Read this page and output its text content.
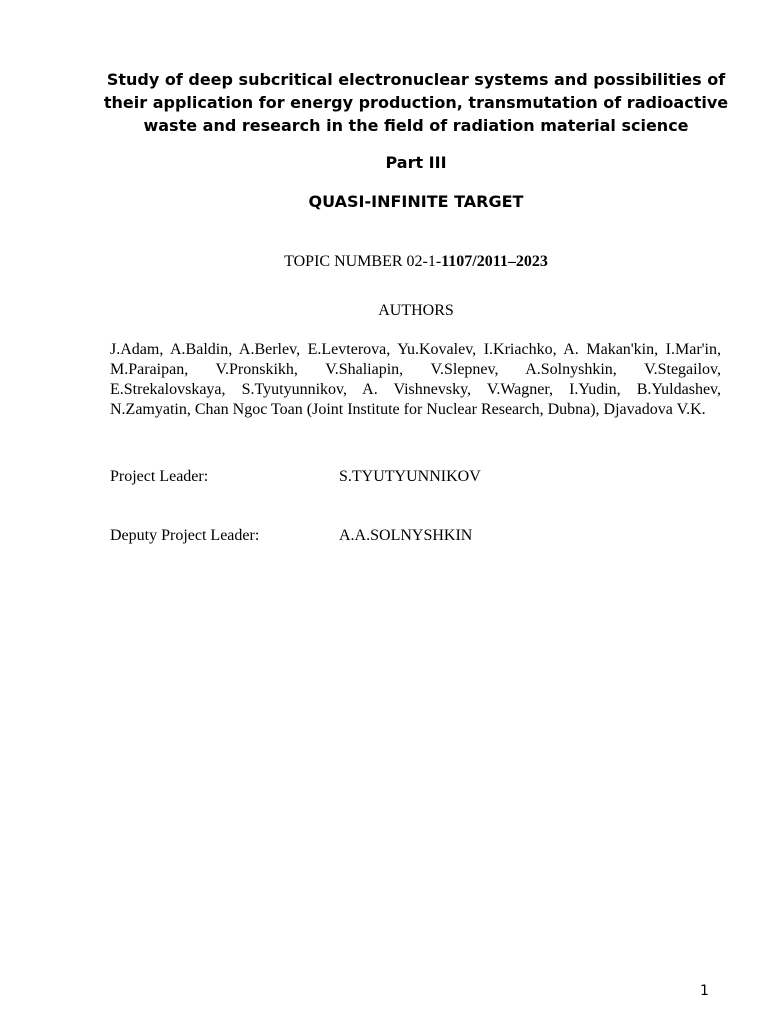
Study of deep subcritical electronuclear systems and possibilities of their application for energy production, transmutation of radioactive waste and research in the field of radiation material science
Part III
QUASI-INFINITE TARGET
TOPIC NUMBER 02-1-1107/2011–2023
AUTHORS
J.Adam, A.Baldin, A.Berlev, E.Levterova, Yu.Kovalev, I.Kriachko, A. Makan'kin, I.Mar'in, M.Paraipan, V.Pronskikh, V.Shaliapin, V.Slepnev, A.Solnyshkin, V.Stegailov, E.Strekalovskaya, S.Tyutyunnikov, A. Vishnevsky, V.Wagner, I.Yudin, B.Yuldashev, N.Zamyatin, Chan Ngoc Toan (Joint Institute for Nuclear Research, Dubna), Djavadova V.K.
Project Leader:	S.TYUTYUNNIKOV
Deputy Project Leader:	A.A.SOLNYSHKIN
1
